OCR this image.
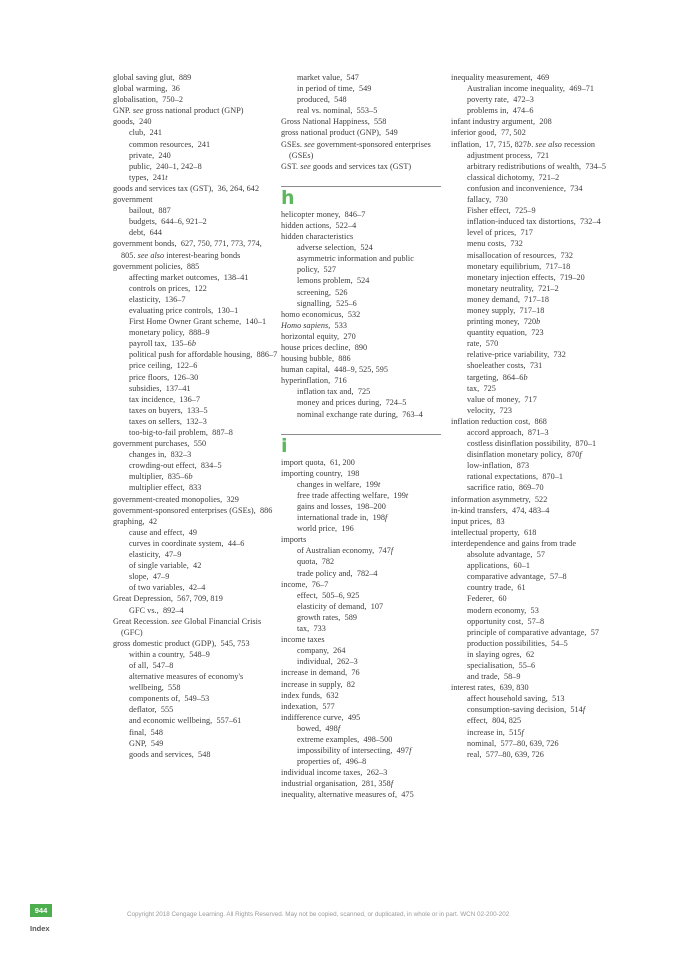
global saving glut, 889
global warming, 36
globalisation, 750–2
GNP. see gross national product (GNP)
goods, 240
club, 241
common resources, 241
private, 240
public, 240–1, 242–8
types, 241t
goods and services tax (GST), 36, 264, 642
government
bailout, 887
budgets, 644–6, 921–2
debt, 644
government bonds, 627, 750, 771, 773, 774, 805. see also interest-bearing bonds
government policies, 885
affecting market outcomes, 138–41
controls on prices, 122
elasticity, 136–7
evaluating price controls, 130–1
First Home Owner Grant scheme, 140–1
monetary policy, 888–9
payroll tax, 135–6b
political push for affordable housing, 886–7
price ceiling, 122–6
price floors, 126–30
subsidies, 137–41
tax incidence, 136–7
taxes on buyers, 133–5
taxes on sellers, 132–3
too-big-to-fail problem, 887–8
government purchases, 550
changes in, 832–3
crowding-out effect, 834–5
multiplier, 835–6b
multiplier effect, 833
government-created monopolies, 329
government-sponsored enterprises (GSEs), 886
graphing, 42
cause and effect, 49
curves in coordinate system, 44–6
elasticity, 47–9
of single variable, 42
slope, 47–9
of two variables, 42–4
Great Depression, 567, 709, 819
GFC vs., 892–4
Great Recession. see Global Financial Crisis (GFC)
gross domestic product (GDP), 545, 753
within a country, 548–9
of all, 547–8
alternative measures of economy's wellbeing, 558
components of, 549–53
deflator, 555
and economic wellbeing, 557–61
final, 548
GNP, 549
goods and services, 548
market value, 547
in period of time, 549
produced, 548
real vs. nominal, 553–5
Gross National Happiness, 558
gross national product (GNP), 549
GSEs. see government-sponsored enterprises (GSEs)
GST. see goods and services tax (GST)
h
helicopter money, 846–7
hidden actions, 522–4
hidden characteristics
adverse selection, 524
asymmetric information and public policy, 527
lemons problem, 524
screening, 526
signalling, 525–6
homo economicus, 532
Homo sapiens, 533
horizontal equity, 270
house prices decline, 890
housing bubble, 886
human capital, 448–9, 525, 595
hyperinflation, 716
inflation tax and, 725
money and prices during, 724–5
nominal exchange rate during, 763–4
i
import quota, 61, 200
importing country, 198
changes in welfare, 199t
free trade affecting welfare, 199t
gains and losses, 198–200
international trade in, 198f
world price, 196
imports
of Australian economy, 747f
quota, 782
trade policy and, 782–4
income, 76–7
effect, 505–6, 925
elasticity of demand, 107
growth rates, 589
tax, 733
income taxes
company, 264
individual, 262–3
increase in demand, 76
increase in supply, 82
index funds, 632
indexation, 577
indifference curve, 495
bowed, 498f
extreme examples, 498–500
impossibility of intersecting, 497f
properties of, 496–8
individual income taxes, 262–3
industrial organisation, 281, 358f
inequality, alternative measures of, 475
inequality measurement, 469
Australian income inequality, 469–71
poverty rate, 472–3
problems in, 474–6
infant industry argument, 208
inferior good, 77, 502
inflation, 17, 715, 827b. see also recession
adjustment process, 721
arbitrary redistributions of wealth, 734–5
classical dichotomy, 721–2
confusion and inconvenience, 734
fallacy, 730
Fisher effect, 725–9
inflation-induced tax distortions, 732–4
level of prices, 717
menu costs, 732
misallocation of resources, 732
monetary equilibrium, 717–18
monetary injection effects, 719–20
monetary neutrality, 721–2
money demand, 717–18
money supply, 717–18
printing money, 720b
quantity equation, 723
rate, 570
relative-price variability, 732
shoeleather costs, 731
targeting, 864–6b
tax, 725
value of money, 717
velocity, 723
inflation reduction cost, 868
accord approach, 871–3
costless disinflation possibility, 870–1
disinflation monetary policy, 870f
low-inflation, 873
rational expectations, 870–1
sacrifice ratio, 869–70
information asymmetry, 522
in-kind transfers, 474, 483–4
input prices, 83
intellectual property, 618
interdependence and gains from trade
absolute advantage, 57
applications, 60–1
comparative advantage, 57–8
country trade, 61
Federer, 60
modern economy, 53
opportunity cost, 57–8
principle of comparative advantage, 57
production possibilities, 54–5
in slaying ogres, 62
specialisation, 55–6
and trade, 58–9
interest rates, 639, 830
affect household saving, 513
consumption-saving decision, 514f
effect, 804, 825
increase in, 515f
nominal, 577–80, 639, 726
real, 577–80, 639, 726
944
Index
Copyright 2018 Cengage Learning. All Rights Reserved. May not be copied, scanned, or duplicated, in whole or in part. WCN 02-200-202
